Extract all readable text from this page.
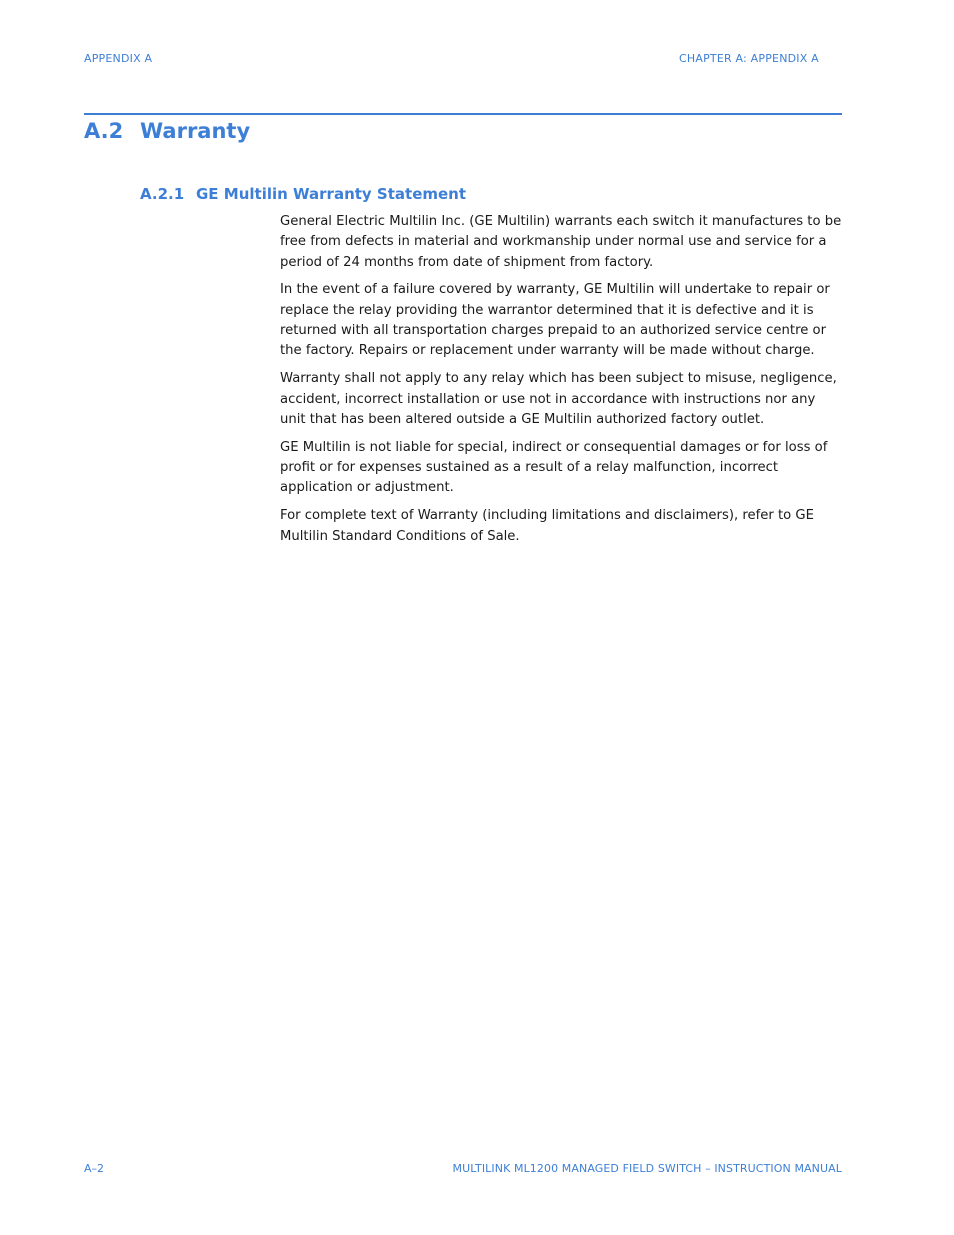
APPENDIX A	CHAPTER A: APPENDIX A
A.2 Warranty
A.2.1 GE Multilin Warranty Statement

General Electric Multilin Inc. (GE Multilin) warrants each switch it manufactures to be free from defects in material and workmanship under normal use and service for a period of 24 months from date of shipment from factory.

In the event of a failure covered by warranty, GE Multilin will undertake to repair or replace the relay providing the warrantor determined that it is defective and it is returned with all transportation charges prepaid to an authorized service centre or the factory. Repairs or replacement under warranty will be made without charge.

Warranty shall not apply to any relay which has been subject to misuse, negligence, accident, incorrect installation or use not in accordance with instructions nor any unit that has been altered outside a GE Multilin authorized factory outlet.

GE Multilin is not liable for special, indirect or consequential damages or for loss of profit or for expenses sustained as a result of a relay malfunction, incorrect application or adjustment.

For complete text of Warranty (including limitations and disclaimers), refer to GE Multilin Standard Conditions of Sale.

A–2	MULTILINK ML1200 MANAGED FIELD SWITCH – INSTRUCTION MANUAL
